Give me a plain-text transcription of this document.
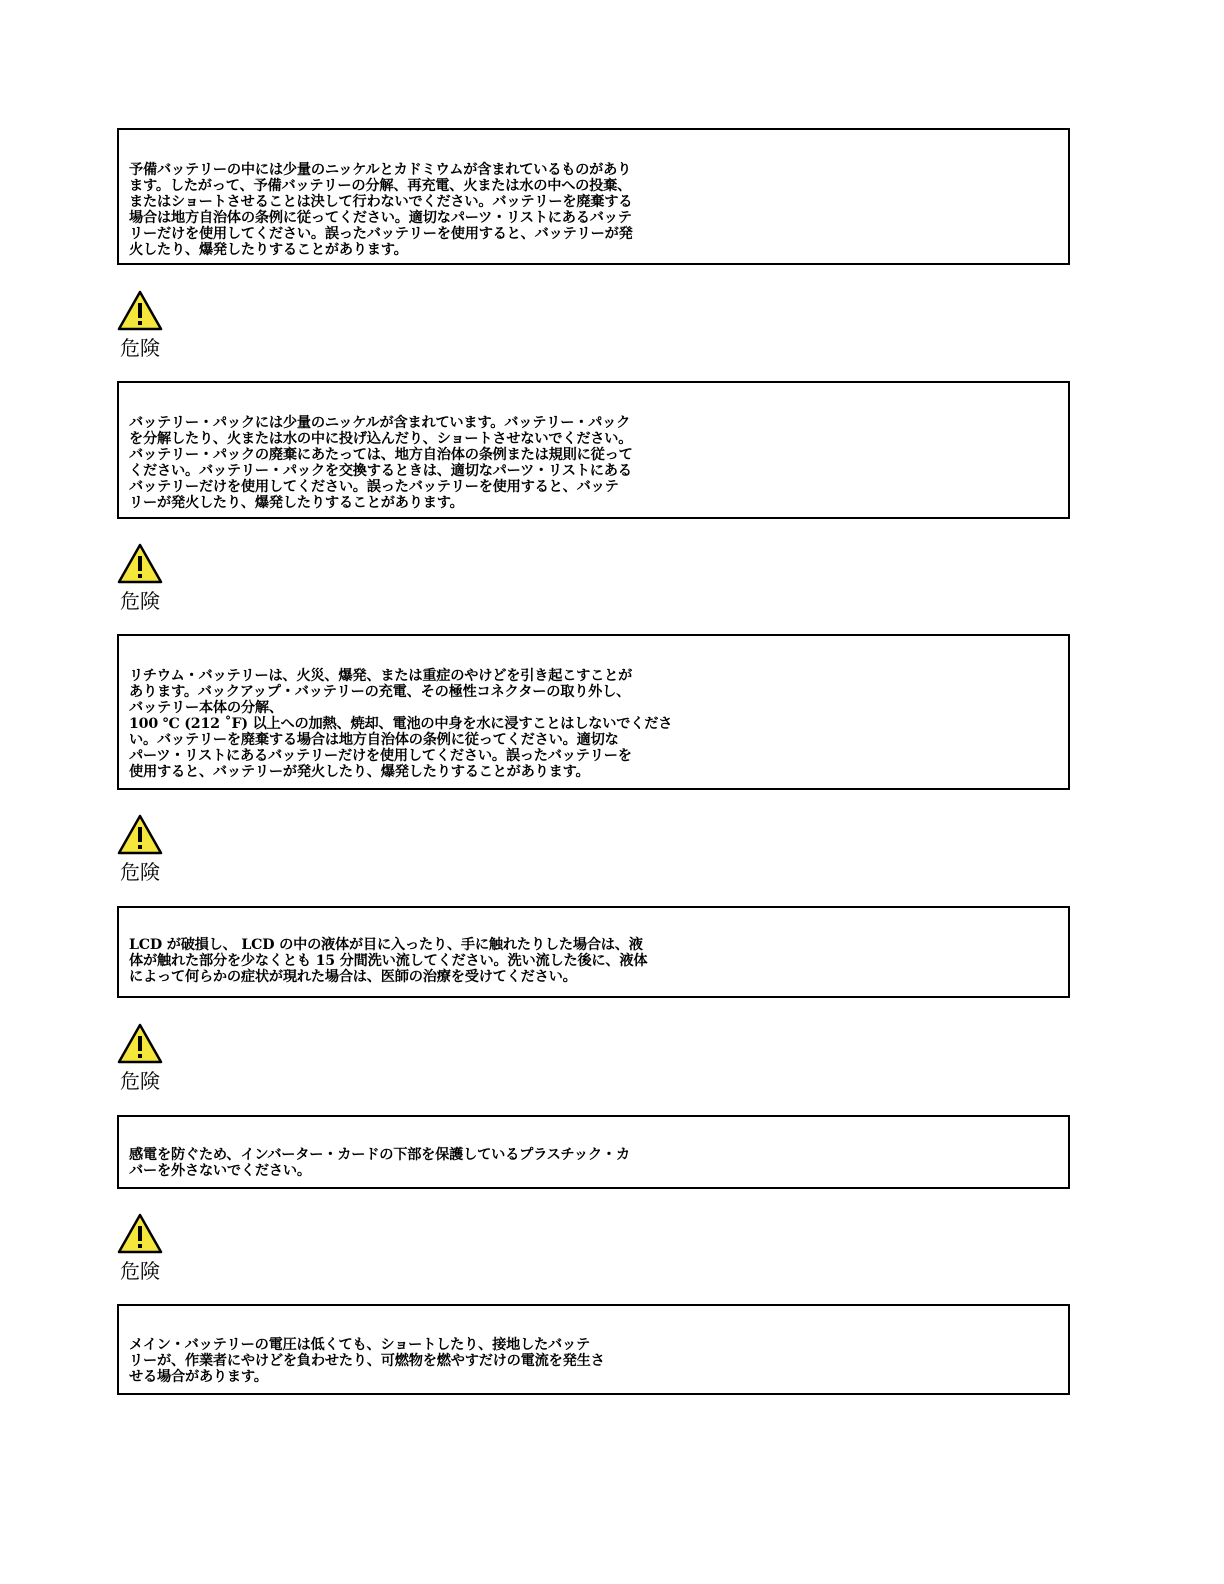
予備バッテリーの中には少量のニッケルとカドミウムが含まれているものがあり
ます。したがって、予備バッテリーの分解、再充電、火または水の中への投棄、
またはショートさせることは決して行わないでください。バッテリーを廃棄する
場合は地方自治体の条例に従ってください。適切なパーツ・リストにあるバッテ
リーだけを使用してください。誤ったバッテリーを使用すると、バッテリーが発
火したり、爆発したりすることがあります。

危険

バッテリー・パックには少量のニッケルが含まれています。バッテリー・パック
を分解したり、火または水の中に投げ込んだり、ショートさせないでください。
バッテリー・パックの廃棄にあたっては、地方自治体の条例または規則に従って
ください。バッテリー・パックを交換するときは、適切なパーツ・リストにある
バッテリーだけを使用してください。誤ったバッテリーを使用すると、バッテ
リーが発火したり、爆発したりすることがあります。

危険

リチウム・バッテリーは、火災、爆発、または重症のやけどを引き起こすことが
あります。バックアップ・バッテリーの充電、その極性コネクターの取り外し、
バッテリー本体の分解、
100 ℃ (212 ˚F) 以上への加熱、焼却、電池の中身を水に浸すことはしないでくださ
い。バッテリーを廃棄する場合は地方自治体の条例に従ってください。適切な
パーツ・リストにあるバッテリーだけを使用してください。誤ったバッテリーを
使用すると、バッテリーが発火したり、爆発したりすることがあります。

危険

LCD が破損し、 LCD の中の液体が目に入ったり、手に触れたりした場合は、液
体が触れた部分を少なくとも 15 分間洗い流してください。洗い流した後に、液体
によって何らかの症状が現れた場合は、医師の治療を受けてください。

危険

感電を防ぐため、インバーター・カードの下部を保護しているプラスチック・カ
バーを外さないでください。

危険

メイン・バッテリーの電圧は低くても、ショートしたり、接地したバッテ
リーが、作業者にやけどを負わせたり、可燃物を燃やすだけの電流を発生さ
せる場合があります。
